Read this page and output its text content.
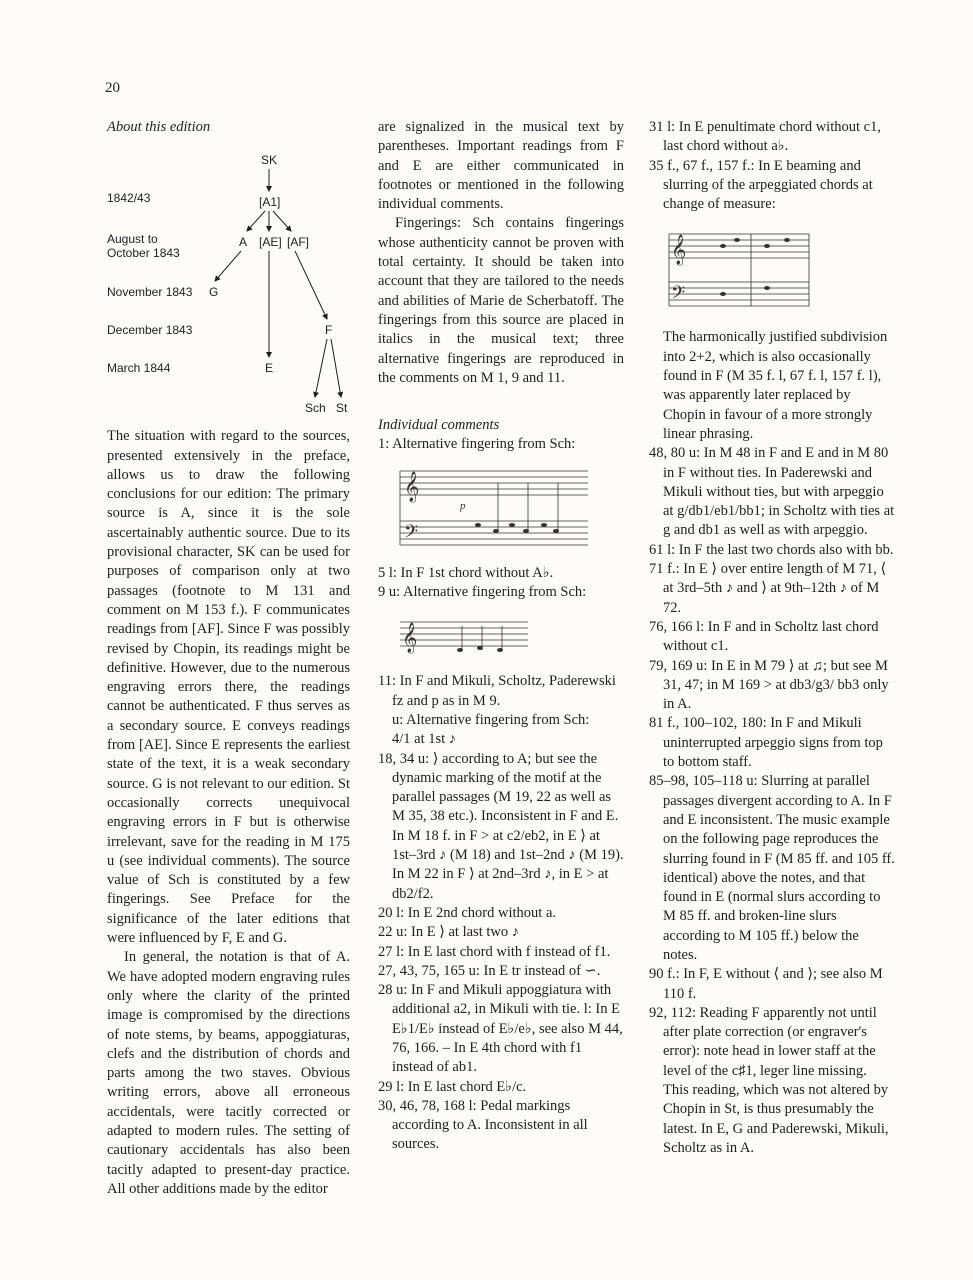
20

About this edition

1842/43
August to
October 1843
November 1843
December 1843
March 1844
SK
[A1]
A [AE] [AF]
G
F
E
Sch St

The situation with regard to the sources, presented extensively in the preface, allows us to draw the following conclusions for our edition: The primary source is A, since it is the sole ascertainably authentic source. Due to its provisional character, SK can be used for purposes of comparison only at two passages (footnote to M 131 and comment on M 153 f.). F communicates readings from [AF]. Since F was possibly revised by Chopin, its readings might be definitive. However, due to the numerous engraving errors there, the readings cannot be authenticated. F thus serves as a secondary source. E conveys readings from [AE]. Since E represents the earliest state of the text, it is a weak secondary source. G is not relevant to our edition. St occasionally corrects unequivocal engraving errors in F but is otherwise irrelevant, save for the reading in M 175 u (see individual comments). The source value of Sch is constituted by a few fingerings. See Preface for the significance of the later editions that were influenced by F, E and G.

In general, the notation is that of A. We have adopted modern engraving rules only where the clarity of the printed image is compromised by the directions of note stems, by beams, appoggiaturas, clefs and the distribution of chords and parts among the two staves. Obvious writing errors, above all erroneous accidentals, were tacitly corrected or adapted to modern rules. The setting of cautionary accidentals has also been tacitly adapted to present-day practice. All other additions made by the editor

are signalized in the musical text by parentheses. Important readings from F and E are either communicated in footnotes or mentioned in the following individual comments.

Fingerings: Sch contains fingerings whose authenticity cannot be proven with total certainty. It should be taken into account that they are tailored to the needs and abilities of Marie de Scherbatoff. The fingerings from this source are placed in italics in the musical text; three alternative fingerings are reproduced in the comments on M 1, 9 and 11.

Individual comments

1: Alternative fingering from Sch:

𝄞
𝄢
p

5 l: In F 1st chord without A♭.

9 u: Alternative fingering from Sch:

𝄞

11: In F and Mikuli, Scholtz, Paderewski fz and p as in M 9.

u: Alternative fingering from Sch:

4/1 at 1st ♪

18, 34 u: ⟩ according to A; but see the dynamic marking of the motif at the parallel passages (M 19, 22 as well as M 35, 38 etc.). Inconsistent in F and E. In M 18 f. in F > at c2/eb2, in E ⟩ at 1st–3rd ♪ (M 18) and 1st–2nd ♪ (M 19). In M 22 in F ⟩ at 2nd–3rd ♪, in E > at db2/f2.

20 l: In E 2nd chord without a.

22 u: In E ⟩ at last two ♪

27 l: In E last chord with f instead of f1.

27, 43, 75, 165 u: In E tr instead of ∽.

28 u: In F and Mikuli appoggiatura with additional a2, in Mikuli with tie. l: In E E♭1/E♭ instead of E♭/e♭, see also M 44, 76, 166. – In E 4th chord with f1 instead of ab1.

29 l: In E last chord E♭/c.

30, 46, 78, 168 l: Pedal markings according to A. Inconsistent in all sources.

31 l: In E penultimate chord without c1, last chord without a♭.

35 f., 67 f., 157 f.: In E beaming and slurring of the arpeggiated chords at change of measure:

𝄞
𝄢

The harmonically justified subdivision into 2+2, which is also occasionally found in F (M 35 f. l, 67 f. l, 157 f. l), was apparently later replaced by Chopin in favour of a more strongly linear phrasing.

48, 80 u: In M 48 in F and E and in M 80 in F without ties. In Paderewski and Mikuli without ties, but with arpeggio at g/db1/eb1/bb1; in Scholtz with ties at g and db1 as well as with arpeggio.

61 l: In F the last two chords also with bb.

71 f.: In E ⟩ over entire length of M 71, ⟨ at 3rd–5th ♪ and ⟩ at 9th–12th ♪ of M 72.

76, 166 l: In F and in Scholtz last chord without c1.

79, 169 u: In E in M 79 ⟩ at ♫; but see M 31, 47; in M 169 > at db3/g3/ bb3 only in A.

81 f., 100–102, 180: In F and Mikuli uninterrupted arpeggio signs from top to bottom staff.

85–98, 105–118 u: Slurring at parallel passages divergent according to A. In F and E inconsistent. The music example on the following page reproduces the slurring found in F (M 85 ff. and 105 ff. identical) above the notes, and that found in E (normal slurs according to M 85 ff. and broken-line slurs according to M 105 ff.) below the notes.

90 f.: In F, E without ⟨ and ⟩; see also M 110 f.

92, 112: Reading F apparently not until after plate correction (or engraver's error): note head in lower staff at the level of the c♯1, leger line missing. This reading, which was not altered by Chopin in St, is thus presumably the latest. In E, G and Paderewski, Mikuli, Scholtz as in A.
